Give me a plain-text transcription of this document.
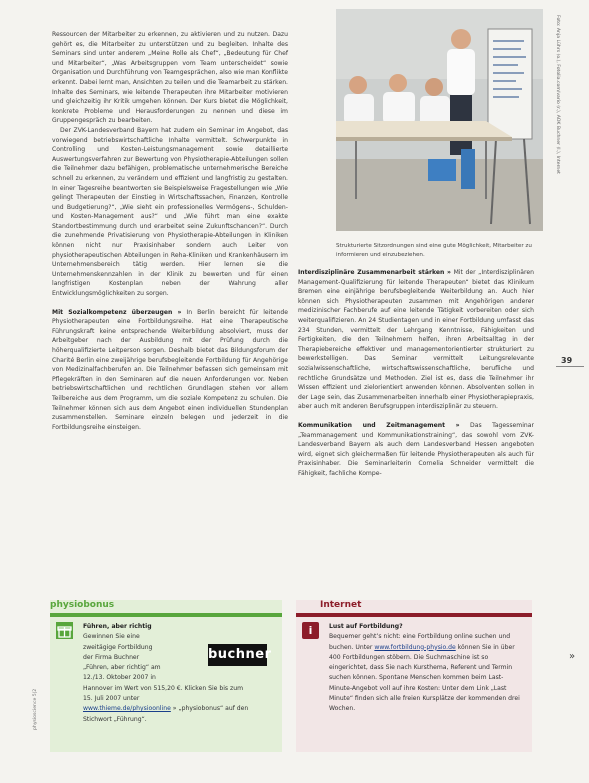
Ressourcen der Mitarbeiter zu erkennen, zu aktivieren und zu nutzen. Dazu gehört es, die Mitarbeiter zu unterstützen und zu begleiten. Inhalte des Seminars sind unter anderem „Meine Rolle als Chef“, „Bedeutung für Chef und Mitarbeiter“, „Was Arbeitsgruppen vom Team unterscheidet“ sowie Organisation und Durchführung von Teamgesprächen, also wie man Konflikte erkennt. Dabei lernt man, Ansichten zu teilen und die Teamarbeit zu stärken. Inhalte des Seminars, wie leitende Therapeuten ihre Mitarbeiter motivieren und gleichzeitig ihr Kritik umgehen können. Der Kurs bietet die Möglichkeit, konkrete Probleme und Herausforderungen zu nennen und diese im Gruppengespräch zu bearbeiten.

Der ZVK-Landesverband Bayern hat zudem ein Seminar im Angebot, das vorwiegend betriebswirtschaftliche Inhalte vermittelt. Schwerpunkte in Controlling und Kosten-Leistungsmanagement sowie detaillierte Auswertungsverfahren zur Bewertung von Physiotherapie-Abteilungen sollen die Teilnehmer dazu befähigen, problematische unternehmerische Bereiche schnell zu erkennen, zu verändern und effizient und langfristig zu gestalten. In einer Tagesreihe beantworten sie Beispielsweise Fragestellungen wie „Wie gelingt Therapeuten der Einstieg in Wirtschaftssachen, Finanzen, Kontrolle und Budgetierung?“, „Wie sieht ein professionelles Vermögens-, Schulden- und Kosten-Management aus?“ und „Wie führt man eine exakte Standortbestimmung durch und erarbeitet seine Zukunftschancen?“. Durch die zunehmende Privatisierung von Physiotherapie-Abteilungen in Kliniken können nicht nur Praxisinhaber sondern auch Leiter von physiotherapeutischen Abteilungen in Reha-Kliniken und Krankenhäusern im Unternehmensbereich tätig werden. Hier lernen sie die Unternehmenskennzahlen in der Klinik zu bewerten und für einen langfristigen Kostenplan neben der Wahrung aller Entwicklungsmöglichkeiten zu sorgen.

Mit Sozialkompetenz überzeugen » In Berlin bereicht für leitende Physiotherapeuten eine Fortbildungsreihe. Hat eine Therapeutische Führungskraft keine entsprechende Weiterbildung absolviert, muss der Arbeitgeber nach der Ausbildung mit der Prüfung durch die höherqualifizierte Leitperson sorgen. Deshalb bietet das Bildungsforum der Charité Berlin eine zweijährige berufsbegleitende Fortbildung für Angehörige von Medizinalfachberufen an. Die Teilnehmer befassen sich gemeinsam mit Pflegekräften in den Seminaren auf die neuen Anforderungen vor. Neben betriebswirtschaftlichen und rechtlichen Grundlagen stehen vor allem Teilbereiche aus dem Programm, um die soziale Kompetenz zu schulen. Die Teilnehmer können sich aus dem Angebot einen individuellen Stundenplan zusammenstellen. Seminare einzeln belegen und jederzeit in die Fortbildungsreihe einsteigen.

Strukturierte Sitzordnungen sind eine gute Möglichkeit, Mitarbeiter zu informieren und einzubeziehen.
Foto: Anja Lührs (o.), Fotolia.com/vario (r.), AOK Buchner (l.), Internet

Interdisziplinäre Zusammenarbeit stärken » Mit der „Interdisziplinären Management-Qualifizierung für leitende Therapeuten“ bietet das Klinikum Bremen eine einjährige berufsbegleitende Weiterbildung an. Auch hier können sich Physiotherapeuten zusammen mit Angehörigen anderer medizinischer Fachberufe auf eine leitende Tätigkeit vorbereiten oder sich weiterqualifizieren. An 24 Studientagen und in einer Fortbildung umfasst das 234 Stunden, vermittelt der Lehrgang Kenntnisse, Fähigkeiten und Fertigkeiten, die den Teilnehmern helfen, ihren Arbeitsalltag in der Therapiebereiche effektiver und managementorientierter strukturiert zu bewerkstelligen. Das Seminar vermittelt Leitungsrelevante sozialwissenschaftliche, wirtschaftswissenschaftliche, berufliche und rechtliche Grundsätze und Methoden. Ziel ist es, dass die Teilnehmer ihr Wissen effizient und zielorientiert anwenden können. Absolventen sollen in der Lage sein, das Zusammenarbeiten innerhalb einer Physiotherapiepraxis, aber auch mit anderen Berufsgruppen interdisziplinär zu steuern.

Kommunikation und Zeitmanagement » Das Tagesseminar „Teammanagement und Kommunikationstraining“, das sowohl vom ZVK-Landesverband Bayern als auch dem Landesverband Hessen angeboten wird, eignet sich gleichermaßen für leitende Physiotherapeuten als auch für Praxisinhaber. Die Seminarleiterin Cornelia Schneider vermittelt die Fähigkeit, fachliche Kompe-

39
»
physioscience 5|2
physiobonus
Führen, aber richtig
Gewinnen Sie eine
zweitägige Fortbildung
der Firma Buchner
„Führen, aber richtig“ am
12./13. Oktober 2007 in
Hannover im Wert von 515,20 €. Klicken Sie bis zum
15. Juli 2007 unter
www.thieme.de/physioonline » „physiobonus“ auf den Stichwort „Führung“.
buchner
Internet
i	Lust auf Fortbildung?
Bequemer geht’s nicht: eine Fortbildung online suchen und buchen. Unter www.fortbildung-physio.de können Sie in über 400 Fortbildungen stöbern. Die Suchmaschine ist so eingerichtet, dass Sie nach Kursthema, Referent und Termin suchen können. Spontane Menschen kommen beim Last-Minute-Angebot voll auf ihre Kosten: Unter dem Link „Last Minute“ finden sich alle freien Kursplätze der kommenden drei Wochen.
